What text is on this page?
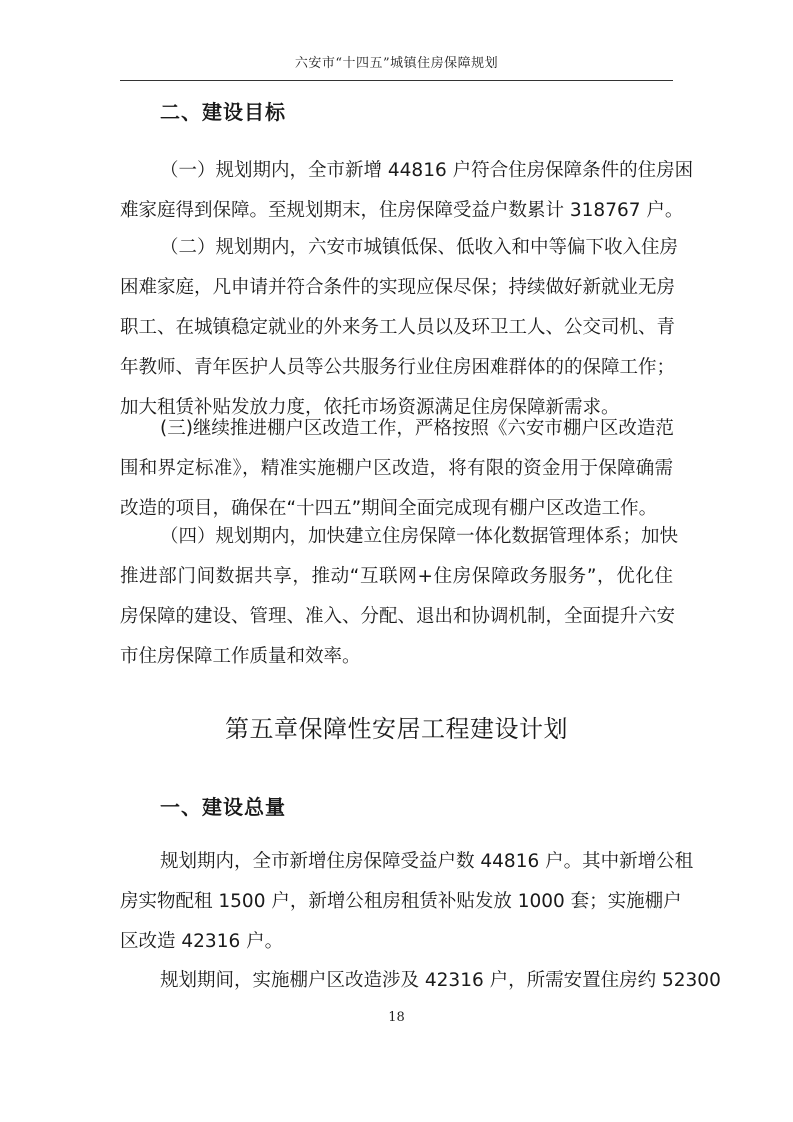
六安市“十四五”城镇住房保障规划
二、建设目标

（一）规划期内，全市新增 44816 户符合住房保障条件的住房困
难家庭得到保障。至规划期末，住房保障受益户数累计 318767 户。

（二）规划期内，六安市城镇低保、低收入和中等偏下收入住房
困难家庭，凡申请并符合条件的实现应保尽保；持续做好新就业无房
职工、在城镇稳定就业的外来务工人员以及环卫工人、公交司机、青
年教师、青年医护人员等公共服务行业住房困难群体的的保障工作；
加大租赁补贴发放力度，依托市场资源满足住房保障新需求。

(三)继续推进棚户区改造工作，严格按照《六安市棚户区改造范
围和界定标准》，精准实施棚户区改造，将有限的资金用于保障确需
改造的项目，确保在“十四五”期间全面完成现有棚户区改造工作。

（四）规划期内，加快建立住房保障一体化数据管理体系；加快
推进部门间数据共享，推动“互联网+住房保障政务服务”，优化住
房保障的建设、管理、准入、分配、退出和协调机制，全面提升六安
市住房保障工作质量和效率。

第五章保障性安居工程建设计划
一、建设总量

规划期内，全市新增住房保障受益户数 44816 户。其中新增公租
房实物配租 1500 户，新增公租房租赁补贴发放 1000 套；实施棚户
区改造 42316 户。

规划期间，实施棚户区改造涉及 42316 户，所需安置住房约 52300

18
